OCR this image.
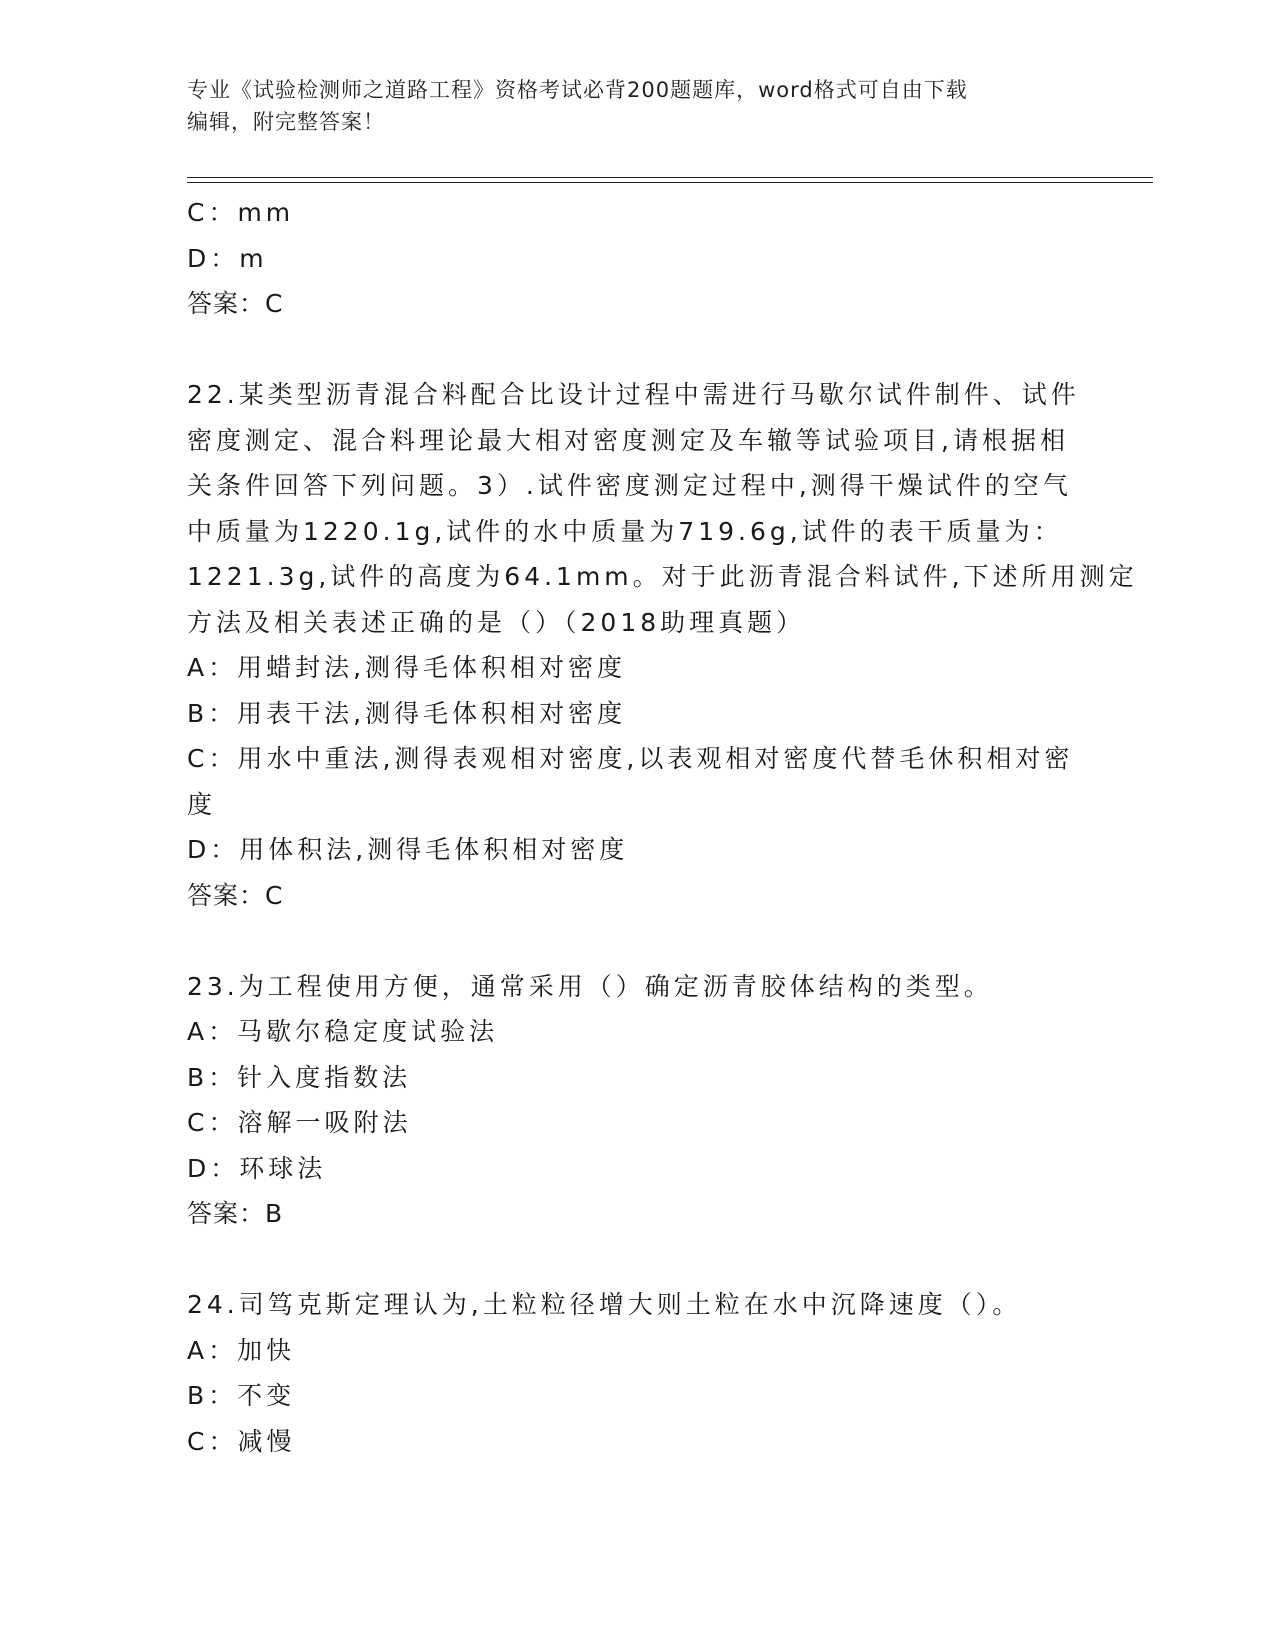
专业《试验检测师之道路工程》资格考试必背200题题库，word格式可自由下载
编辑，附完整答案！
C：mm
D：m
答案：C
22.某类型沥青混合料配合比设计过程中需进行马歇尔试件制件、试件
密度测定、混合料理论最大相对密度测定及车辙等试验项目,请根据相
关条件回答下列问题。3）.试件密度测定过程中,测得干燥试件的空气
中质量为1220.1g,试件的水中质量为719.6g,试件的表干质量为：
1221.3g,试件的高度为64.1mm。对于此沥青混合料试件,下述所用测定
方法及相关表述正确的是（）（2018助理真题）
A：用蜡封法,测得毛体积相对密度
B：用表干法,测得毛体积相对密度
C：用水中重法,测得表观相对密度,以表观相对密度代替毛休积相对密
度
D：用体积法,测得毛体积相对密度
答案：C
23.为工程使用方便，通常采用（）确定沥青胶体结构的类型。
A：马歇尔稳定度试验法
B：针入度指数法
C：溶解一吸附法
D：环球法
答案：B
24.司笃克斯定理认为,土粒粒径增大则土粒在水中沉降速度（）。
A：加快
B：不变
C：减慢
